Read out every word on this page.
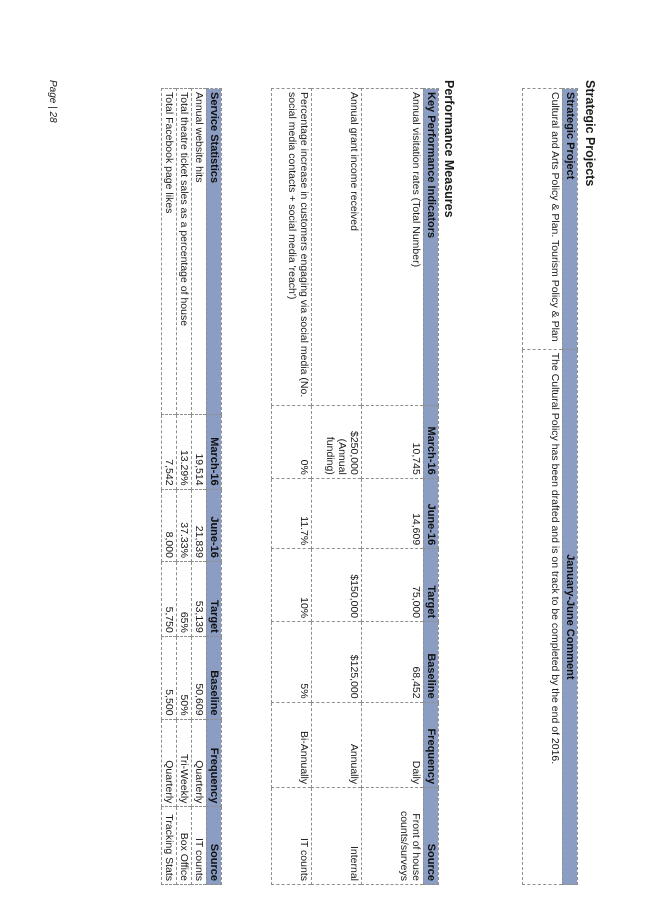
Strategic Projects
Strategic Project	January-June Comment
Cultural and Arts Policy & Plan. Tourism Policy & Plan	The Cultural Policy has been drafted and is on track to be completed by the end of 2016.
Performance Measures
Key Performance Indicators	March-16	June-16	Target	Baseline	Frequency	Source
Annual visitation rates (Total Number)	10,745	14,609	75,000	68,452	Daily	Front of house counts/surveys
Annual grant income received	$250,000 (Annual funding)		$150,000	$125,000	Annually	Internal
Percentage increase in customers engaging via social media (No. social media contacts + social media 'reach')	0%	11.7%	10%	5%	Bi-Annually	IT counts
Service Statistics	March-16	June-16	Target	Baseline	Frequency	Source
Annual website hits	19,514	21,839	53,139	50,609	Quarterly	IT counts
Total theatre ticket sales as a percentage of house	13.29%	37.33%	65%	50%	Tri-Weekly	Box Office
Total Facebook page likes	7,542	8,000	5,750	5,500	Quarterly	Tracking Stats
Page | 28
